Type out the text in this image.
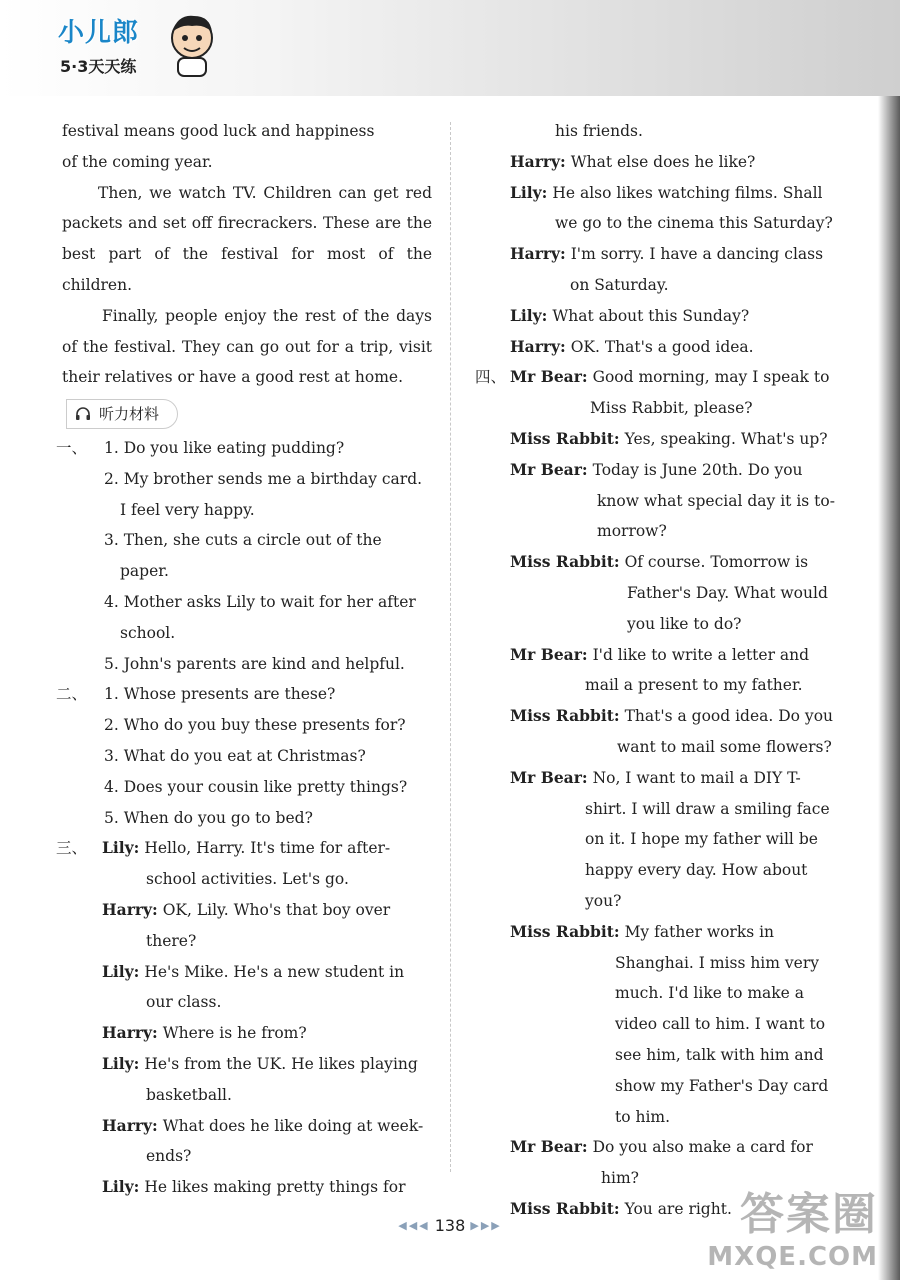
小儿郎
5·3天天练

festival means good luck and happiness

of the coming year.

Then, we watch TV. Children can get red packets and set off firecrackers. These are the best part of the festival for most of the children.

Finally, people enjoy the rest of the days of the festival. They can go out for a trip, visit their relatives or have a good rest at home.

听力材料
一、	1. Do you like eating pudding?

2. My brother sends me a birthday card. I feel very happy.

3. Then, she cuts a circle out of the paper.

4. Mother asks Lily to wait for her after school.

5. John's parents are kind and helpful.

二、	1. Whose presents are these?

2. Who do you buy these presents for?

3. What do you eat at Christmas?

4. Does your cousin like pretty things?

5. When do you go to bed?

三、 Lily: Hello, Harry. It's time for after-school activities. Let's go.

Harry: OK, Lily. Who's that boy over there?

Lily: He's Mike. He's a new student in our class.

Harry: Where is he from?

Lily: He's from the UK. He likes playing basketball.

Harry: What does he like doing at week-ends?

Lily: He likes making pretty things for

his friends.

Harry: What else does he like?

Lily: He also likes watching films. Shall we go to the cinema this Saturday?

Harry: I'm sorry. I have a dancing class on Saturday.

Lily: What about this Sunday?

Harry: OK. That's a good idea.

四、 Mr Bear: Good morning, may I speak to Miss Rabbit, please?

Miss Rabbit: Yes, speaking. What's up?

Mr Bear: Today is June 20th. Do you know what special day it is to-morrow?

Miss Rabbit: Of course. Tomorrow is Father's Day. What would you like to do?

Mr Bear: I'd like to write a letter and mail a present to my father.

Miss Rabbit: That's a good idea. Do you want to mail some flowers?

Mr Bear: No, I want to mail a DIY T-shirt. I will draw a smiling face on it. I hope my father will be happy every day. How about you?

Miss Rabbit: My father works in Shanghai. I miss him very much. I'd like to make a video call to him. I want to see him, talk with him and show my Father's Day card to him.

Mr Bear: Do you also make a card for him?

Miss Rabbit: You are right.

◀◀◀ 138 ▶▶▶	答案圈
MXQE.COM
